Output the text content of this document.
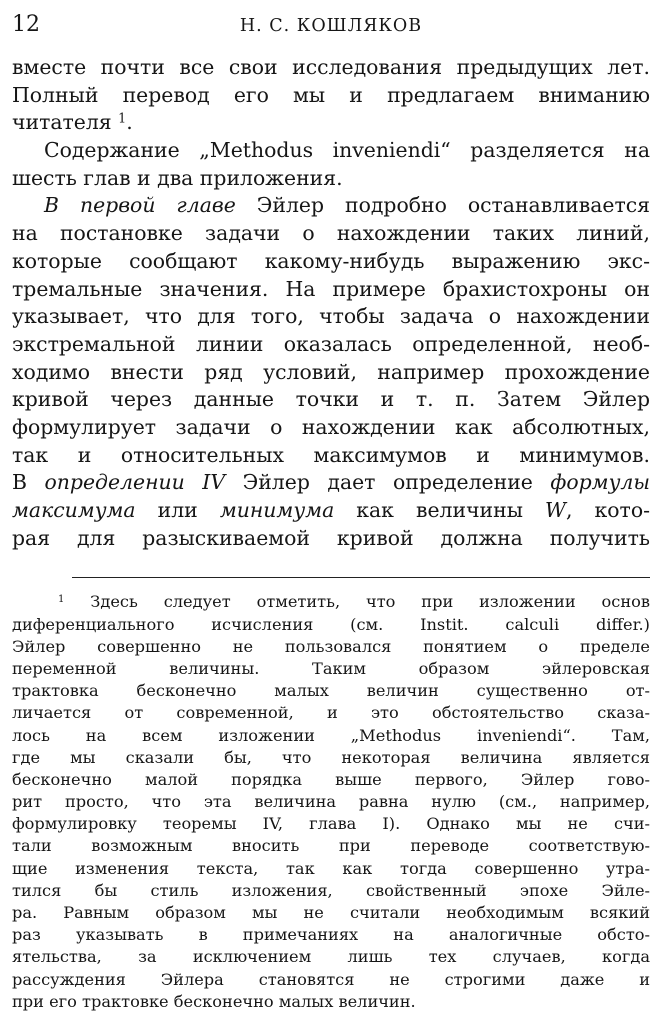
12	Н. С. КОШЛЯКОВ
вместе почти все свои исследования предыдущих лет.
Полный перевод его мы и предлагаем вниманию
читателя $^1$.
Содержание „Methodus inveniendi“ разделяется на
шесть глав и два приложения.
В первой главе Эйлер подробно останавливается
на постановке задачи о нахождении таких линий,
которые сообщают какому-нибудь выражению экс-
тремальные значения. На примере брахистохроны он
указывает, что для того, чтобы задача о нахождении
экстремальной линии оказалась определенной, необ-
ходимо внести ряд условий, например прохождение
кривой через данные точки и т. п. Затем Эйлер
формулирует задачи о нахождении как абсолютных,
так и относительных максимумов и минимумов.
В определении IV Эйлер дает определение формулы
максимума или минимума как величины W, кото-
рая для разыскиваемой кривой должна получить
$^1$ Здесь следует отметить, что при изложении основ
диференциального исчисления (см. Instit. calculi differ.)
Эйлер совершенно не пользовался понятием о пределе
переменной величины. Таким образом эйлеровская
трактовка бесконечно малых величин существенно от-
личается от современной, и это обстоятельство сказа-
лось на всем изложении „Methodus inveniendi“. Там,
где мы сказали бы, что некоторая величина является
бесконечно малой порядка выше первого, Эйлер гово-
рит просто, что эта величина равна нулю (см., например,
формулировку теоремы IV, глава I). Однако мы не счи-
тали возможным вносить при переводе соответствую-
щие изменения текста, так как тогда совершенно утра-
тился бы стиль изложения, свойственный эпохе Эйле-
ра. Равным образом мы не считали необходимым всякий
раз указывать в примечаниях на аналогичные обсто-
ятельства, за исключением лишь тех случаев, когда
рассуждения Эйлера становятся не строгими даже и
при его трактовке бесконечно малых величин.
